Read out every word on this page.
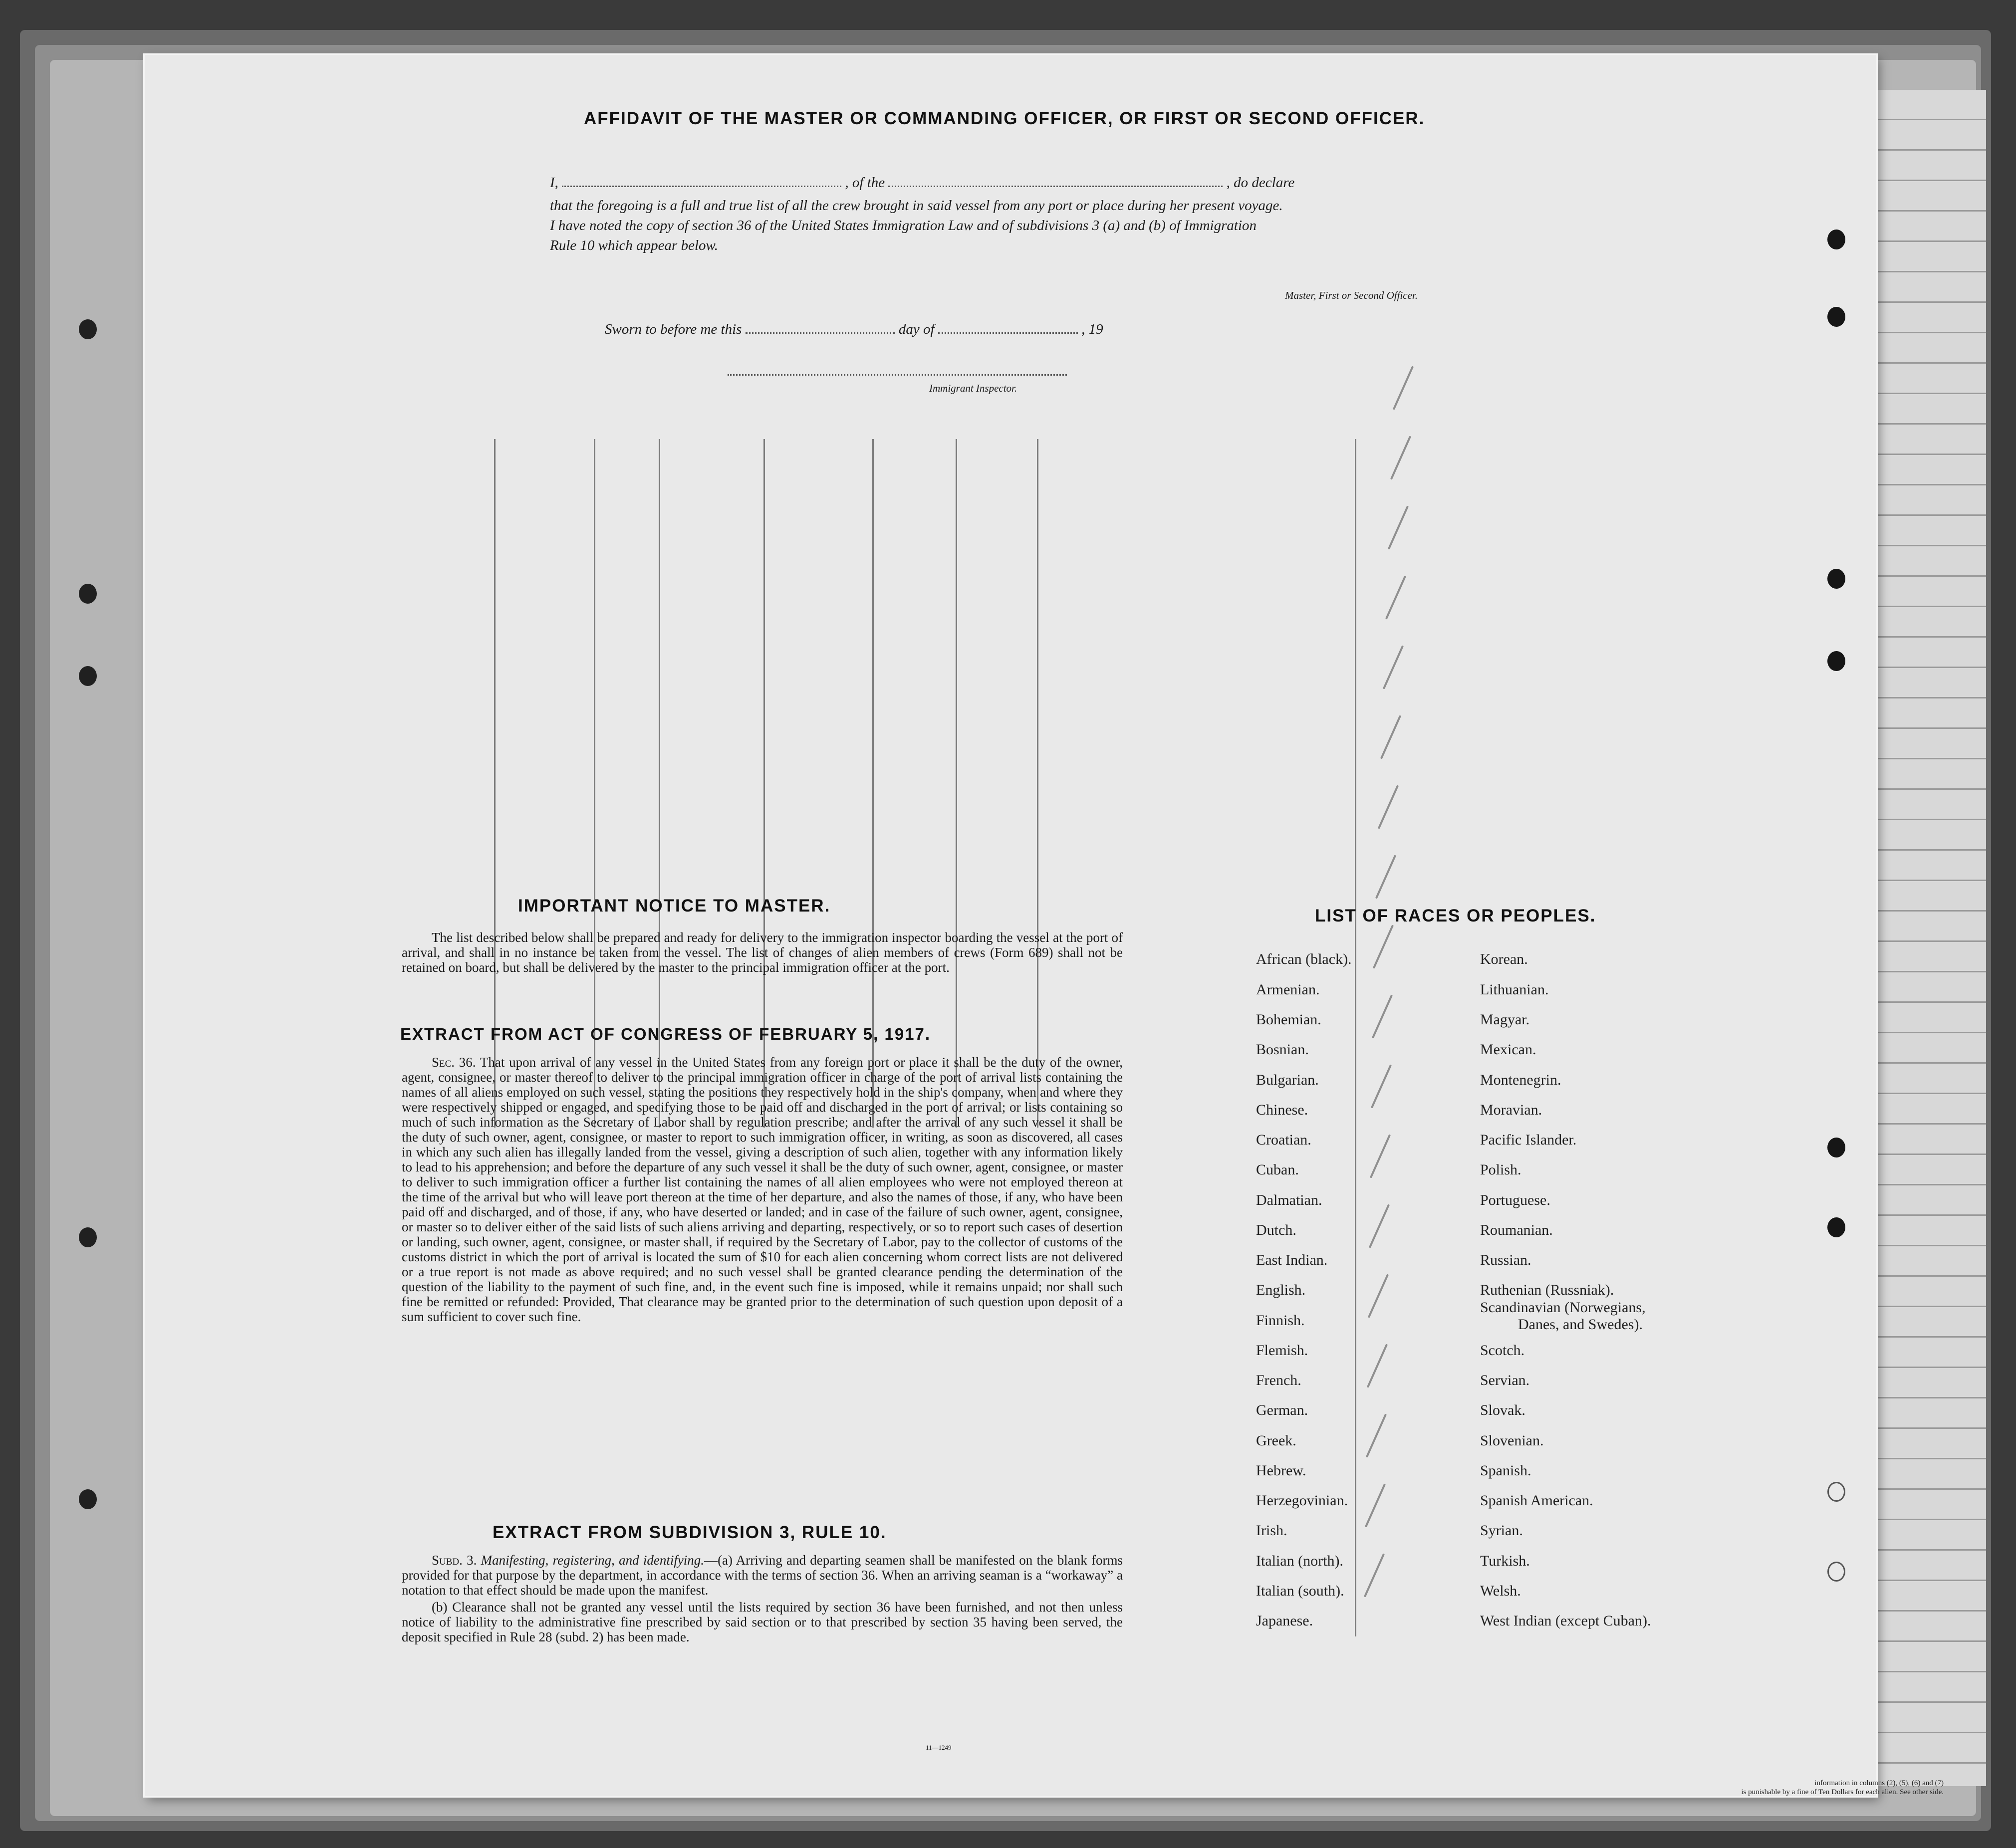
AFFIDAVIT OF THE MASTER OR COMMANDING OFFICER, OR FIRST OR SECOND OFFICER.
I,	, of the	, do declare
that the foregoing is a full and true list of all the crew brought in said vessel from any port or place during her present voyage.
I have noted the copy of section 36 of the United States Immigration Law and of subdivisions 3 (a) and (b) of Immigration
Rule 10 which appear below.
Master, First or Second Officer.
Sworn to before me this	day of	, 19
Immigrant Inspector.
IMPORTANT NOTICE TO MASTER.

The list described below shall be prepared and ready for delivery to the immigration inspector boarding the vessel at the port of arrival, and shall in no instance be taken from the vessel. The list of changes of alien members of crews (Form 689) shall not be retained on board, but shall be delivered by the master to the principal immigration officer at the port.

EXTRACT FROM ACT OF CONGRESS OF FEBRUARY 5, 1917.

Sec. 36. That upon arrival of any vessel in the United States from any foreign port or place it shall be the duty of the owner, agent, consignee, or master thereof to deliver to the principal immigration officer in charge of the port of arrival lists containing the names of all aliens employed on such vessel, stating the positions they respectively hold in the ship's company, when and where they were respectively shipped or engaged, and specifying those to be paid off and discharged in the port of arrival; or lists containing so much of such information as the Secretary of Labor shall by regulation prescribe; and after the arrival of any such vessel it shall be the duty of such owner, agent, consignee, or master to report to such immigration officer, in writing, as soon as discovered, all cases in which any such alien has illegally landed from the vessel, giving a description of such alien, together with any information likely to lead to his apprehension; and before the departure of any such vessel it shall be the duty of such owner, agent, consignee, or master to deliver to such immigration officer a further list containing the names of all alien employees who were not employed thereon at the time of the arrival but who will leave port thereon at the time of her departure, and also the names of those, if any, who have been paid off and discharged, and of those, if any, who have deserted or landed; and in case of the failure of such owner, agent, consignee, or master so to deliver either of the said lists of such aliens arriving and departing, respectively, or so to report such cases of desertion or landing, such owner, agent, consignee, or master shall, if required by the Secretary of Labor, pay to the collector of customs of the customs district in which the port of arrival is located the sum of $10 for each alien concerning whom correct lists are not delivered or a true report is not made as above required; and no such vessel shall be granted clearance pending the determination of the question of the liability to the payment of such fine, and, in the event such fine is imposed, while it remains unpaid; nor shall such fine be remitted or refunded: Provided, That clearance may be granted prior to the determination of such question upon deposit of a sum sufficient to cover such fine.

EXTRACT FROM SUBDIVISION 3, RULE 10.

Subd. 3. Manifesting, registering, and identifying.—(a) Arriving and departing seamen shall be manifested on the blank forms provided for that purpose by the department, in accordance with the terms of section 36. When an arriving seaman is a “workaway” a notation to that effect should be made upon the manifest.

(b) Clearance shall not be granted any vessel until the lists required by section 36 have been furnished, and not then unless notice of liability to the administrative fine prescribed by said section or to that prescribed by section 35 having been served, the deposit specified in Rule 28 (subd. 2) has been made.

11—1249
LIST OF RACES OR PEOPLES.
African (black).
Armenian.
Bohemian.
Bosnian.
Bulgarian.
Chinese.
Croatian.
Cuban.
Dalmatian.
Dutch.
East Indian.
English.
Finnish.
Flemish.
French.
German.
Greek.
Hebrew.
Herzegovinian.
Irish.
Italian (north).
Italian (south).
Japanese.
Korean.
Lithuanian.
Magyar.
Mexican.
Montenegrin.
Moravian.
Pacific Islander.
Polish.
Portuguese.
Roumanian.
Russian.
Ruthenian (Russniak).
Scandinavian (Norwegians,
Danes, and Swedes).
Scotch.
Servian.
Slovak.
Slovenian.
Spanish.
Spanish American.
Syrian.
Turkish.
Welsh.
West Indian (except Cuban).
information in columns (2), (5), (6) and (7)
is punishable by a fine of Ten Dollars for each alien. See other side.
